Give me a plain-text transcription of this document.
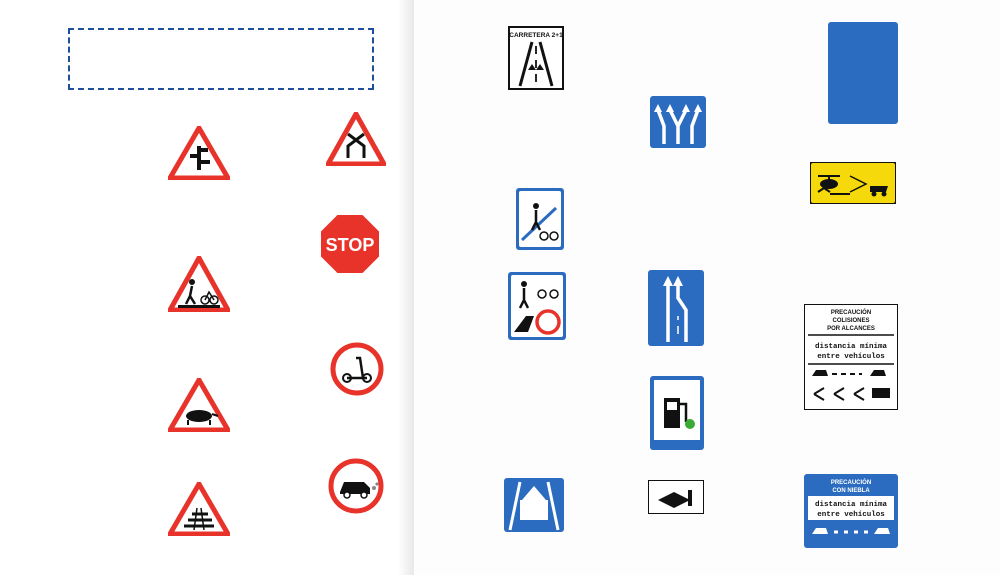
STOP
CARRETERA 2+1
PRECAUCIÓN
COLISIONES
POR ALCANCES
distancia mínima
entre vehículos
PRECAUCIÓN
CON NIEBLA
distancia mínima
entre vehículos
